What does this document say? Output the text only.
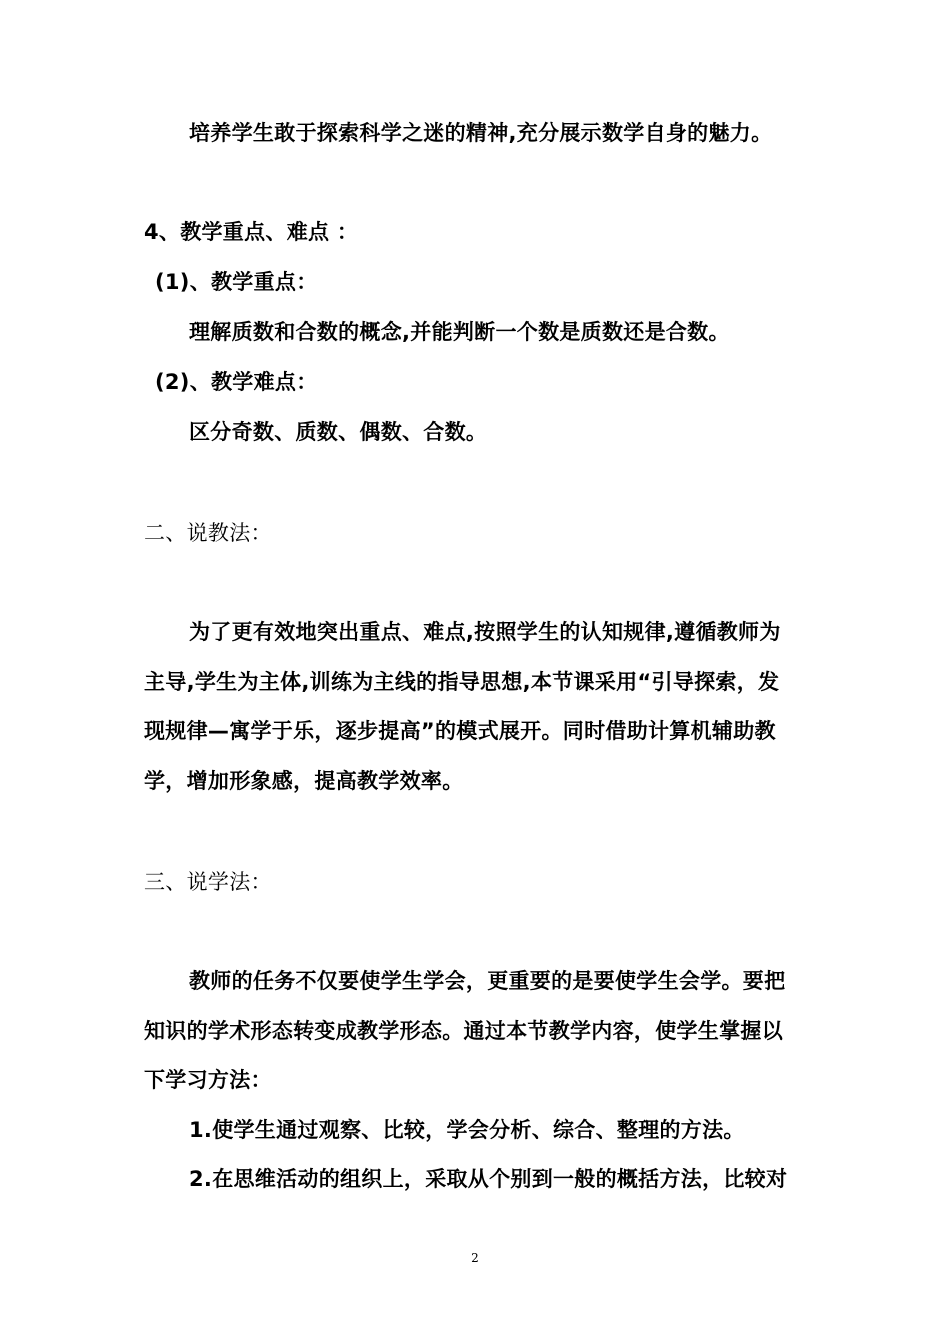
培养学生敢于探索科学之迷的精神,充分展示数学自身的魅力。
4、教学重点、难点 ：
(1)、教学重点：
理解质数和合数的概念,并能判断一个数是质数还是合数。
(2)、教学难点：
区分奇数、质数、偶数、合数。
二、说教法：
为了更有效地突出重点、难点,按照学生的认知规律,遵循教师为
主导,学生为主体,训练为主线的指导思想,本节课采用“引导探索，发
现规律—寓学于乐，逐步提高”的模式展开。同时借助计算机辅助教
学，增加形象感，提高教学效率。
三、说学法：
教师的任务不仅要使学生学会，更重要的是要使学生会学。要把
知识的学术形态转变成教学形态。通过本节教学内容，使学生掌握以
下学习方法：
1.使学生通过观察、比较，学会分析、综合、整理的方法。
2.在思维活动的组织上，采取从个别到一般的概括方法，比较对
2
